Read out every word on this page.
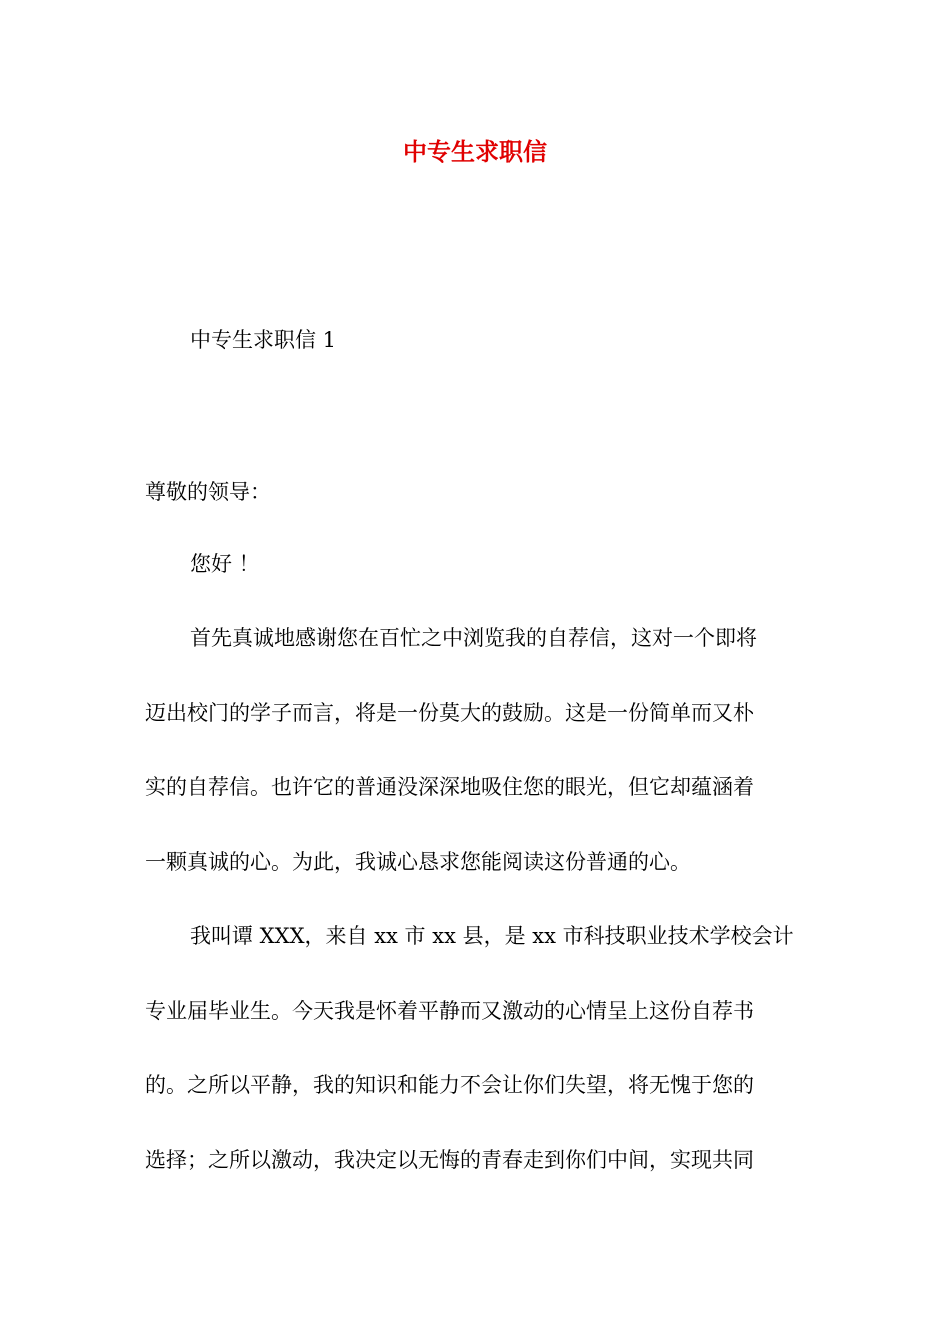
中专生求职信

中专生求职信 1

尊敬的领导：

您好 ！

首先真诚地感谢您在百忙之中浏览我的自荐信，这对一个即将
迈出校门的学子而言，将是一份莫大的鼓励。这是一份简单而又朴
实的自荐信。也许它的普通没深深地吸住您的眼光，但它却蕴涵着
一颗真诚的心。为此，我诚心恳求您能阅读这份普通的心。
我叫谭 XXX，来自 xx 市 xx 县，是 xx 市科技职业技术学校会计
专业届毕业生。今天我是怀着平静而又激动的心情呈上这份自荐书
的。之所以平静，我的知识和能力不会让你们失望，将无愧于您的
选择；之所以激动，我决定以无悔的青春走到你们中间，实现共同
